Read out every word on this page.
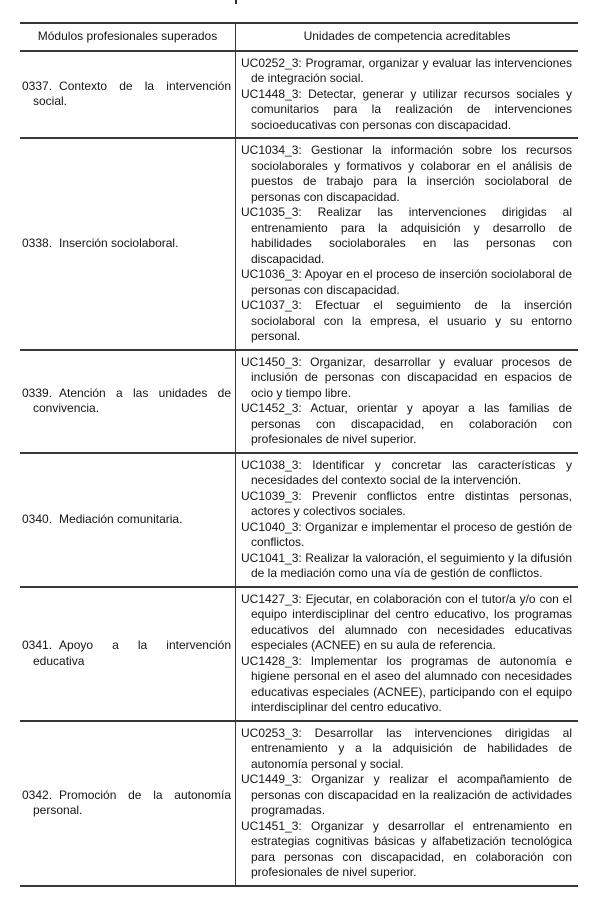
Módulos profesionales superados	Unidades de competencia acreditables

0337. Contexto de la intervención social.

UC0252_3: Programar, organizar y evaluar las intervenciones de integración social.

UC1448_3: Detectar, generar y utilizar recursos sociales y comunitarios para la realización de intervenciones socioeducativas con personas con discapacidad.

0338. Inserción sociolaboral.

UC1034_3: Gestionar la información sobre los recursos sociolaborales y formativos y colaborar en el análisis de puestos de trabajo para la inserción sociolaboral de personas con discapacidad.

UC1035_3: Realizar las intervenciones dirigidas al entrenamiento para la adquisición y desarrollo de habilidades sociolaborales en las personas con discapacidad.

UC1036_3: Apoyar en el proceso de inserción sociolaboral de personas con discapacidad.

UC1037_3: Efectuar el seguimiento de la inserción sociolaboral con la empresa, el usuario y su entorno personal.

0339. Atención a las unidades de convivencia.

UC1450_3: Organizar, desarrollar y evaluar procesos de inclusión de personas con discapacidad en espacios de ocio y tiempo libre.

UC1452_3: Actuar, orientar y apoyar a las familias de personas con discapacidad, en colaboración con profesionales de nivel superior.

0340. Mediación comunitaria.

UC1038_3: Identificar y concretar las características y necesidades del contexto social de la intervención.

UC1039_3: Prevenir conflictos entre distintas personas, actores y colectivos sociales.

UC1040_3: Organizar e implementar el proceso de gestión de conflictos.

UC1041_3: Realizar la valoración, el seguimiento y la difusión de la mediación como una vía de gestión de conflictos.

0341. Apoyo a la intervención educativa

UC1427_3: Ejecutar, en colaboración con el tutor/a y/o con el equipo interdisciplinar del centro educativo, los programas educativos del alumnado con necesidades educativas especiales (ACNEE) en su aula de referencia.

UC1428_3: Implementar los programas de autonomía e higiene personal en el aseo del alumnado con necesidades educativas especiales (ACNEE), participando con el equipo interdisciplinar del centro educativo.

0342. Promoción de la autonomía personal.

UC0253_3: Desarrollar las intervenciones dirigidas al entrenamiento y a la adquisición de habilidades de autonomía personal y social.

UC1449_3: Organizar y realizar el acompañamiento de personas con discapacidad en la realización de actividades programadas.

UC1451_3: Organizar y desarrollar el entrenamiento en estrategias cognitivas básicas y alfabetización tecnológica para personas con discapacidad, en colaboración con profesionales de nivel superior.
